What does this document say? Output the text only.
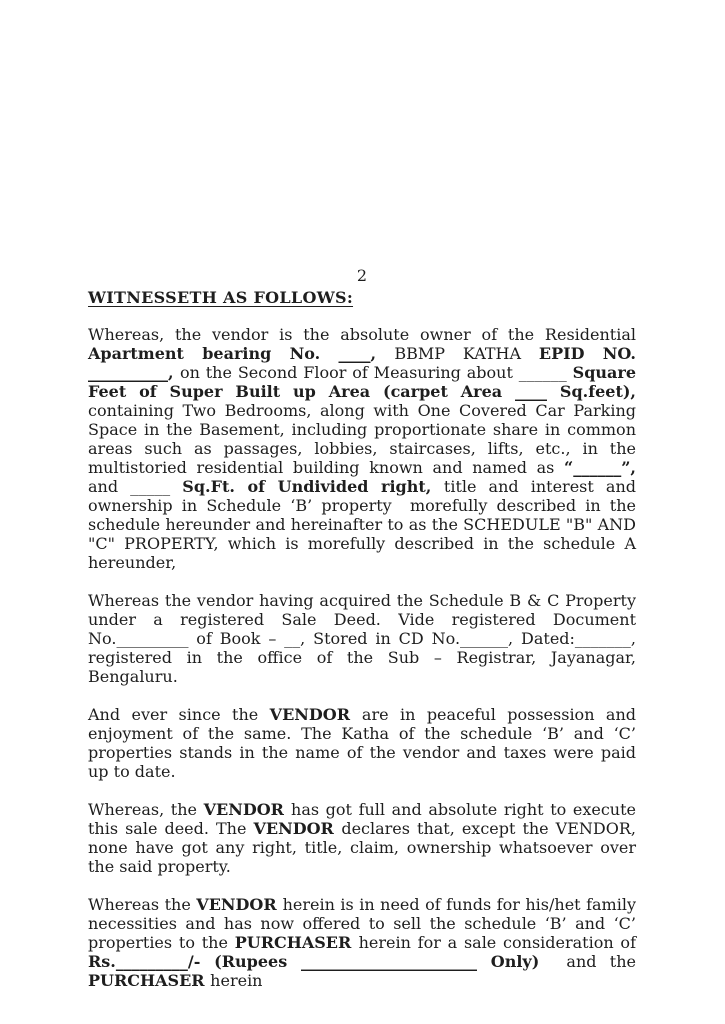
2
WITNESSETH AS FOLLOWS:

Whereas, the vendor is the absolute owner of the Residential Apartment bearing No. ____, BBMP KATHA EPID NO. __________, on the Second Floor of Measuring about ______ Square Feet of Super Built up Area (carpet Area ____ Sq.feet), containing Two Bedrooms, along with One Covered Car Parking Space in the Basement, including proportionate share in common areas such as passages, lobbies, staircases, lifts, etc., in the multistoried residential building known and named as “______”, and _____ Sq.Ft. of Undivided right, title and interest and ownership in Schedule ‘B’ property  morefully described in the schedule hereunder and hereinafter to as the SCHEDULE "B" AND "C" PROPERTY, which is morefully described in the schedule A hereunder,

Whereas the vendor having acquired the Schedule B & C Property under a registered Sale Deed. Vide registered Document No._________ of Book – __, Stored in CD No.______, Dated:_______, registered in the office of the Sub – Registrar, Jayanagar, Bengaluru.

And ever since the VENDOR are in peaceful possession and enjoyment of the same. The Katha of the schedule ‘B’ and ‘C’ properties stands in the name of the vendor and taxes were paid up to date.

Whereas, the VENDOR has got full and absolute right to execute this sale deed. The VENDOR declares that, except the VENDOR, none have got any right, title, claim, ownership whatsoever over the said property.

Whereas the VENDOR herein is in need of funds for his/het family necessities and has now offered to sell the schedule ‘B’ and ‘C’ properties to the PURCHASER herein for a sale consideration of Rs._________/- (Rupees ______________________ Only)  and the PURCHASER herein
